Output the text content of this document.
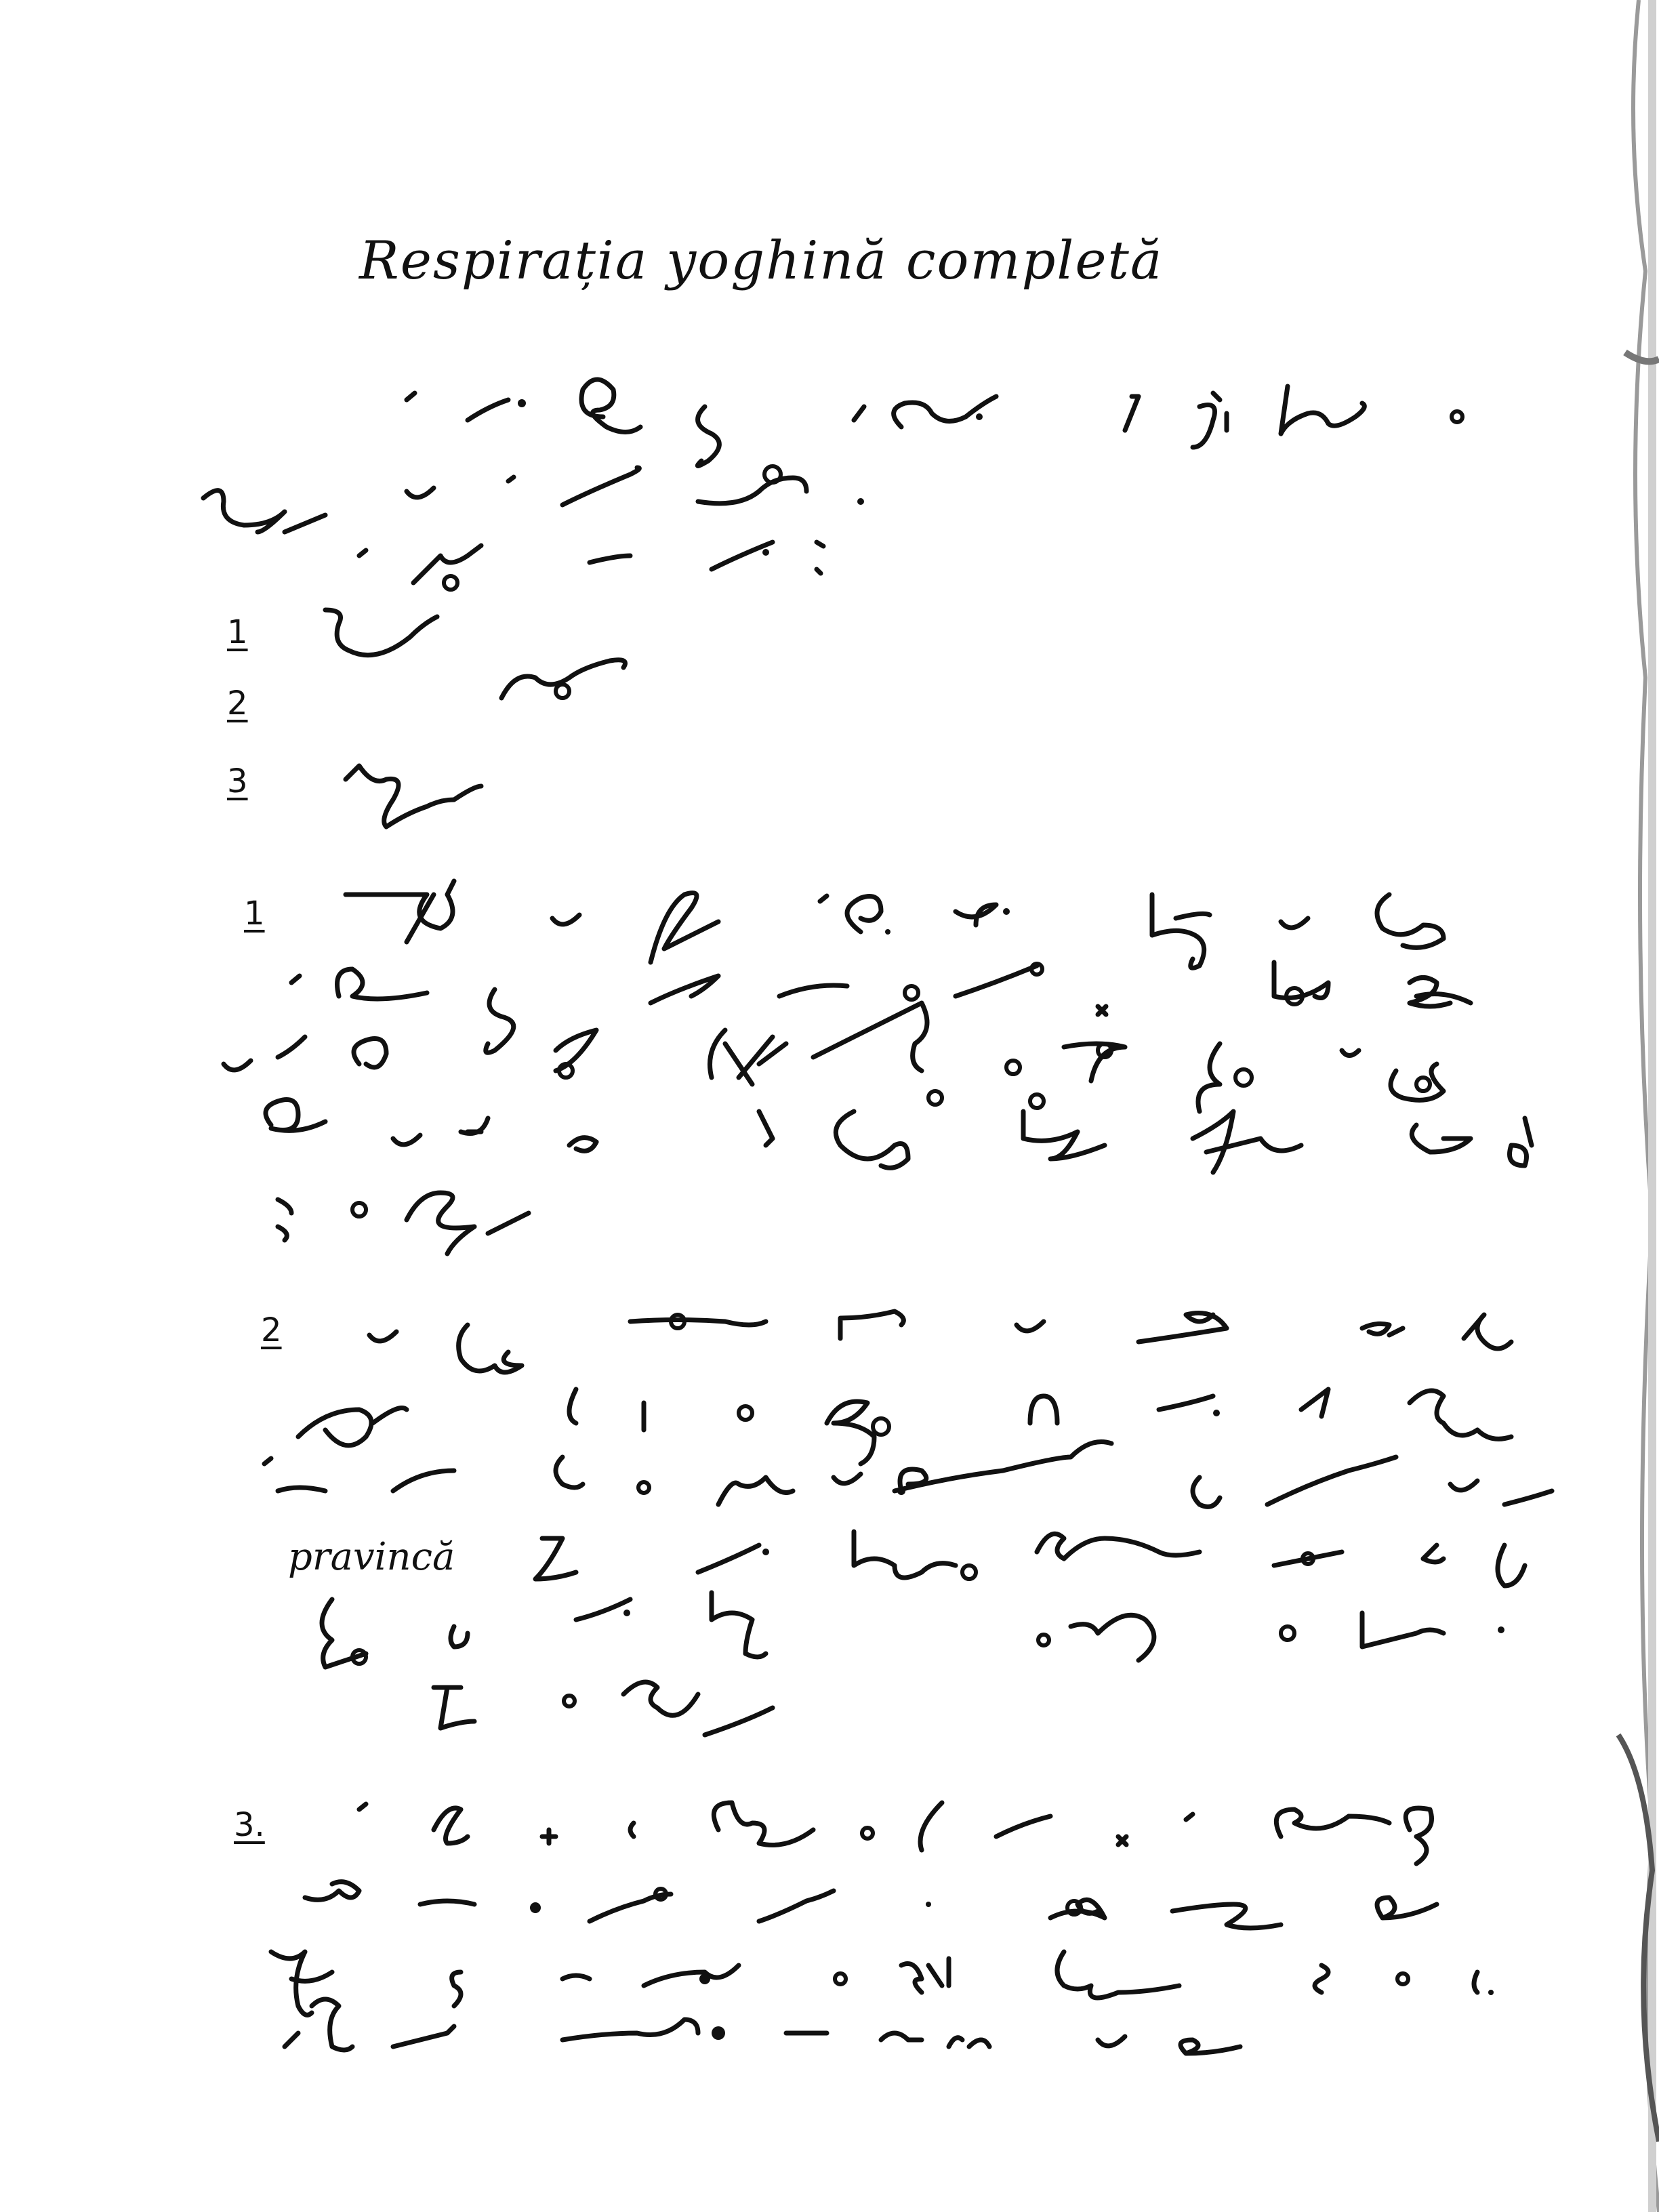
Respirația yoghină completă
1
2
3
1
2
3.
pravincă
